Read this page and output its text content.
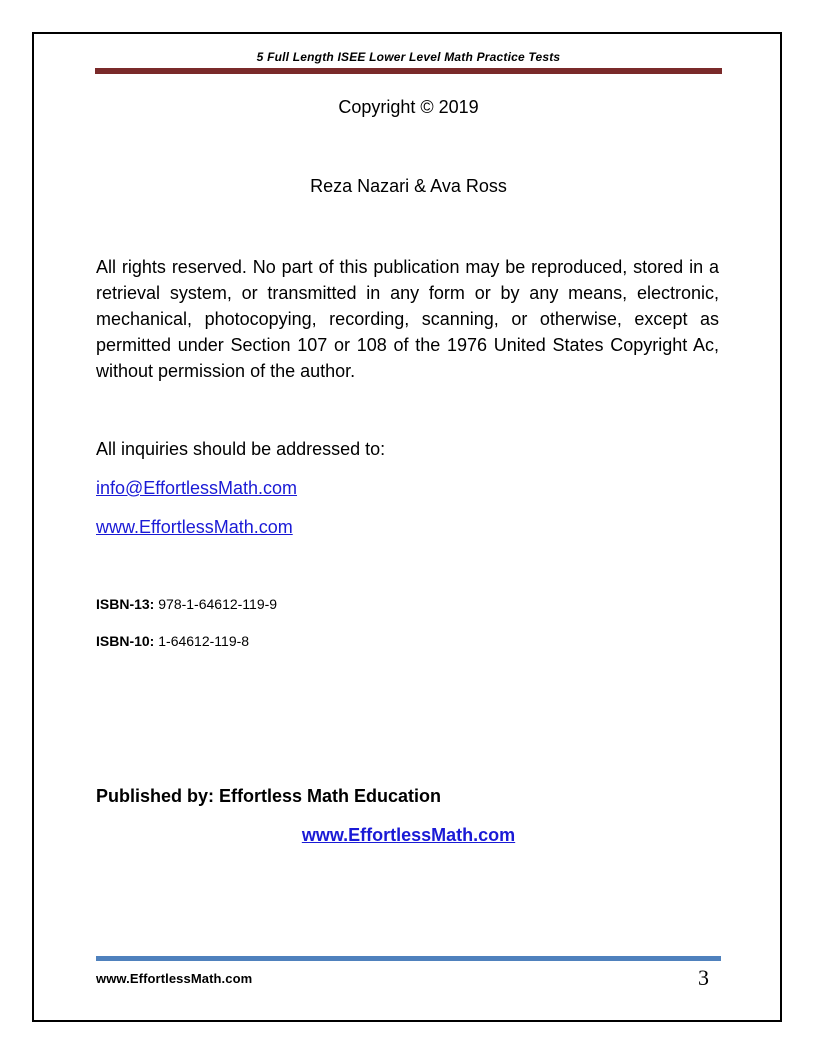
5 Full Length ISEE Lower Level Math Practice Tests
Copyright © 2019
Reza Nazari & Ava Ross
All rights reserved. No part of this publication may be reproduced, stored in a retrieval system, or transmitted in any form or by any means, electronic, mechanical, photocopying, recording, scanning, or otherwise, except as permitted under Section 107 or 108 of the 1976 United States Copyright Ac, without permission of the author.
All inquiries should be addressed to:
info@EffortlessMath.com
www.EffortlessMath.com
ISBN-13: 978-1-64612-119-9
ISBN-10: 1-64612-119-8
Published by: Effortless Math Education
www.EffortlessMath.com
www.EffortlessMath.com	3
